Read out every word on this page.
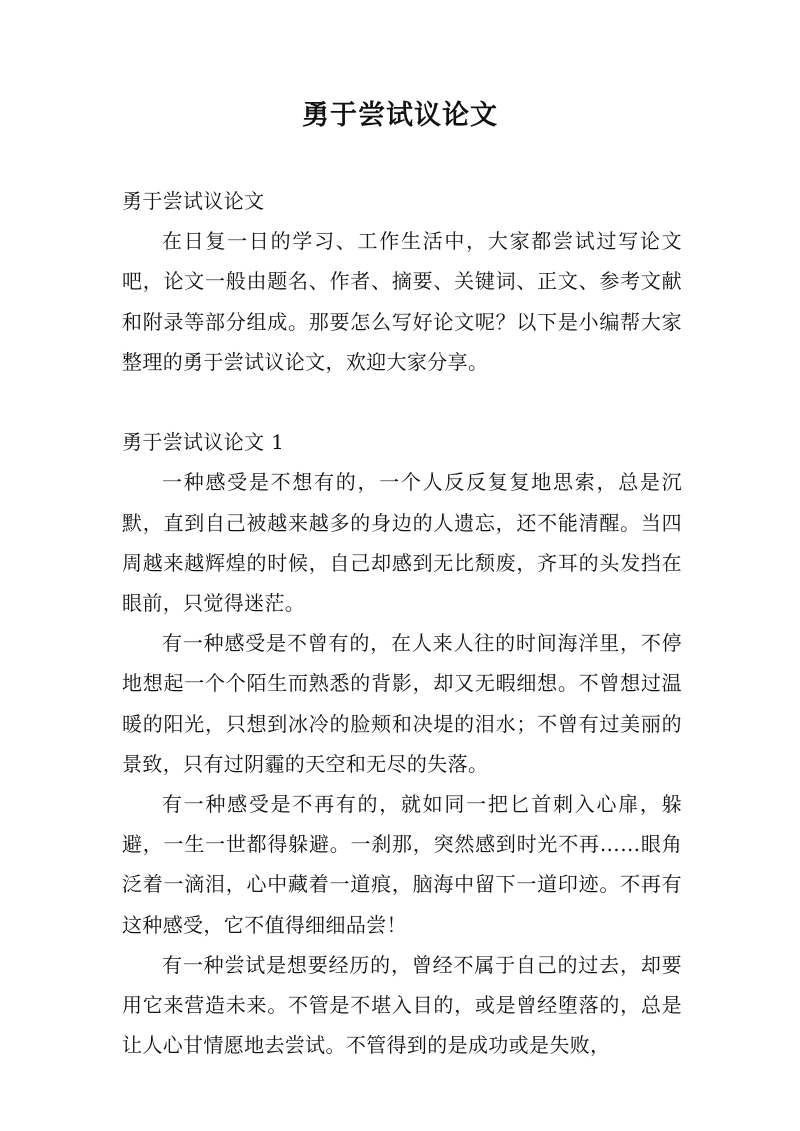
勇于尝试议论文

勇于尝试议论文

在日复一日的学习、工作生活中，大家都尝试过写论文吧，论文一般由题名、作者、摘要、关键词、正文、参考文献和附录等部分组成。那要怎么写好论文呢？以下是小编帮大家整理的勇于尝试议论文，欢迎大家分享。

勇于尝试议论文 1

一种感受是不想有的，一个人反反复复地思索，总是沉默，直到自己被越来越多的身边的人遗忘，还不能清醒。当四周越来越辉煌的时候，自己却感到无比颓废，齐耳的头发挡在眼前，只觉得迷茫。

有一种感受是不曾有的，在人来人往的时间海洋里，不停地想起一个个陌生而熟悉的背影，却又无暇细想。不曾想过温暖的阳光，只想到冰冷的脸颊和决堤的泪水；不曾有过美丽的景致，只有过阴霾的天空和无尽的失落。

有一种感受是不再有的，就如同一把匕首刺入心扉，躲避，一生一世都得躲避。一刹那，突然感到时光不再……眼角泛着一滴泪，心中藏着一道痕，脑海中留下一道印迹。不再有这种感受，它不值得细细品尝！

有一种尝试是想要经历的，曾经不属于自己的过去，却要用它来营造未来。不管是不堪入目的，或是曾经堕落的，总是让人心甘情愿地去尝试。不管得到的是成功或是失败，
